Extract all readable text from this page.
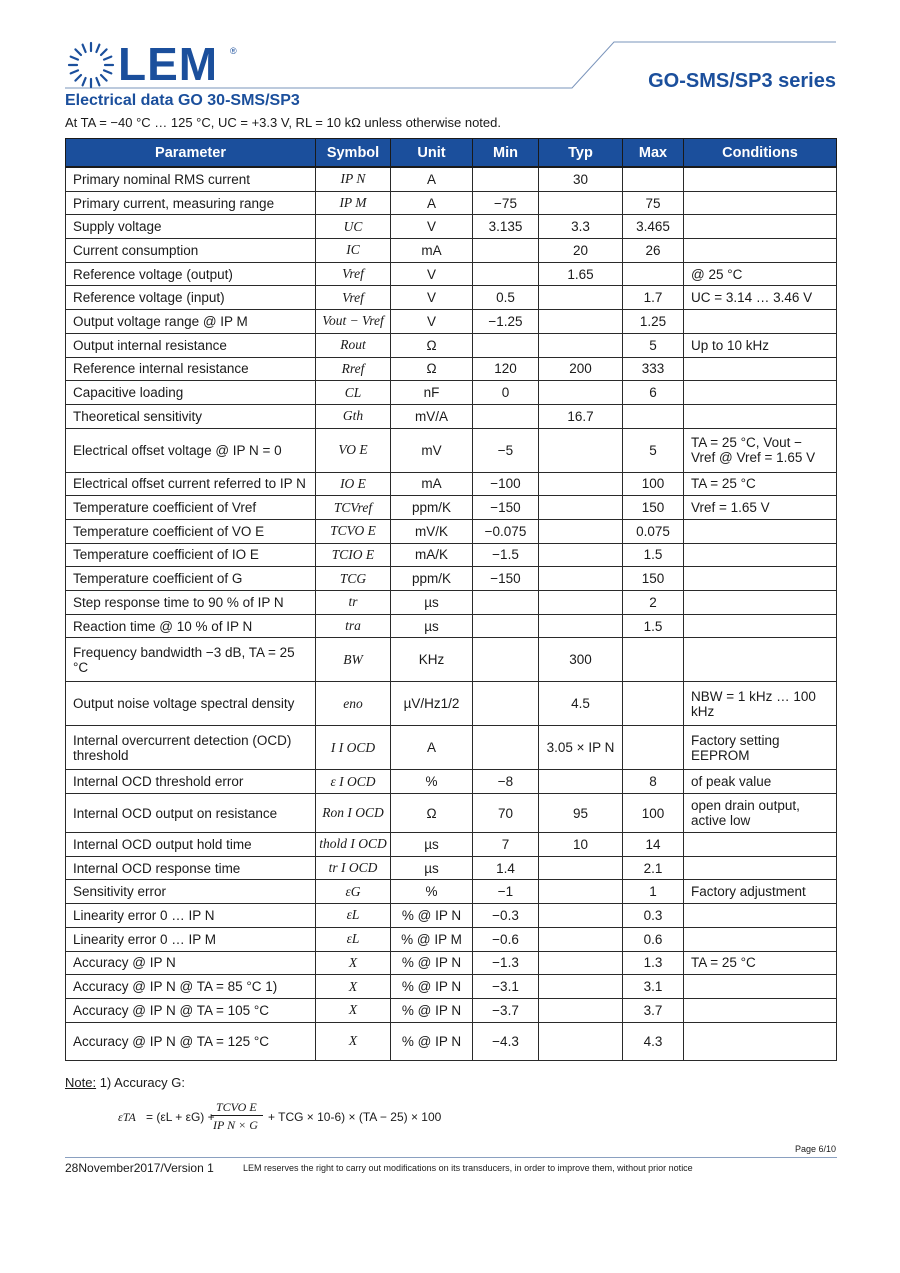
LEM ®
GO-SMS/SP3 series
Electrical data GO 30-SMS/SP3
At TA = −40 °C … 125 °C, UC = +3.3 V, RL = 10 kΩ unless otherwise noted.
Parameter	Symbol	Unit	Min	Typ	Max	Conditions
Primary nominal RMS current	IP N	A		30		
Primary current, measuring range	IP M	A	−75		75	
Supply voltage	UC	V	3.135	3.3	3.465	
Current consumption	IC	mA		20	26	
Reference voltage (output)	Vref	V		1.65		@ 25 °C
Reference voltage (input)	Vref	V	0.5		1.7	UC = 3.14 … 3.46 V
Output voltage range @ IP M	Vout − Vref	V	−1.25		1.25	
Output internal resistance	Rout	Ω			5	Up to 10 kHz
Reference internal resistance	Rref	Ω	120	200	333	
Capacitive loading	CL	nF	0		6	
Theoretical sensitivity	Gth	mV/A		16.7		
Electrical offset voltage @ IP N = 0	VO E	mV	−5		5	TA = 25 °C, Vout − Vref @ Vref = 1.65 V
Electrical offset current referred to IP N	IO E	mA	−100		100	TA = 25 °C
Temperature coefficient of Vref	TCVref	ppm/K	−150		150	Vref = 1.65 V
Temperature coefficient of VO E	TCVO E	mV/K	−0.075		0.075	
Temperature coefficient of IO E	TCIO E	mA/K	−1.5		1.5	
Temperature coefficient of G	TCG	ppm/K	−150		150	
Step response time to 90 % of IP N	tr	µs			2	
Reaction time @ 10 % of IP N	tra	µs			1.5	
Frequency bandwidth −3 dB, TA = 25 °C	BW	KHz		300		
Output noise voltage spectral density	eno	µV/Hz1/2		4.5		NBW = 1 kHz … 100 kHz
Internal overcurrent detection (OCD) threshold	I I OCD	A		3.05 × IP N		Factory setting EEPROM
Internal OCD threshold error	ε I OCD	%	−8		8	of peak value
Internal OCD output on resistance	Ron I OCD	Ω	70	95	100	open drain output, active low
Internal OCD output hold time	thold I OCD	µs	7	10	14	
Internal OCD response time	tr I OCD	µs	1.4		2.1	
Sensitivity error	εG	%	−1		1	Factory adjustment
Linearity error 0 … IP N	εL	% @ IP N	−0.3		0.3	
Linearity error 0 … IP M	εL	% @ IP M	−0.6		0.6	
Accuracy @ IP N	X	% @ IP N	−1.3		1.3	TA = 25 °C
Accuracy @ IP N @ TA = 85 °C 1)	X	% @ IP N	−3.1		3.1	
Accuracy @ IP N @ TA = 105 °C	X	% @ IP N	−3.7		3.7	
Accuracy @ IP N @ TA = 125 °C	X	% @ IP N	−4.3		4.3	
Note: 1) Accuracy G:
εTA = (εL + εG) +
TCVO E
IP N × G
+ TCG × 10-6) × (TA − 25) × 100
Page 6/10
28November2017/Version 1	LEM reserves the right to carry out modifications on its transducers, in order to improve them, without prior notice
